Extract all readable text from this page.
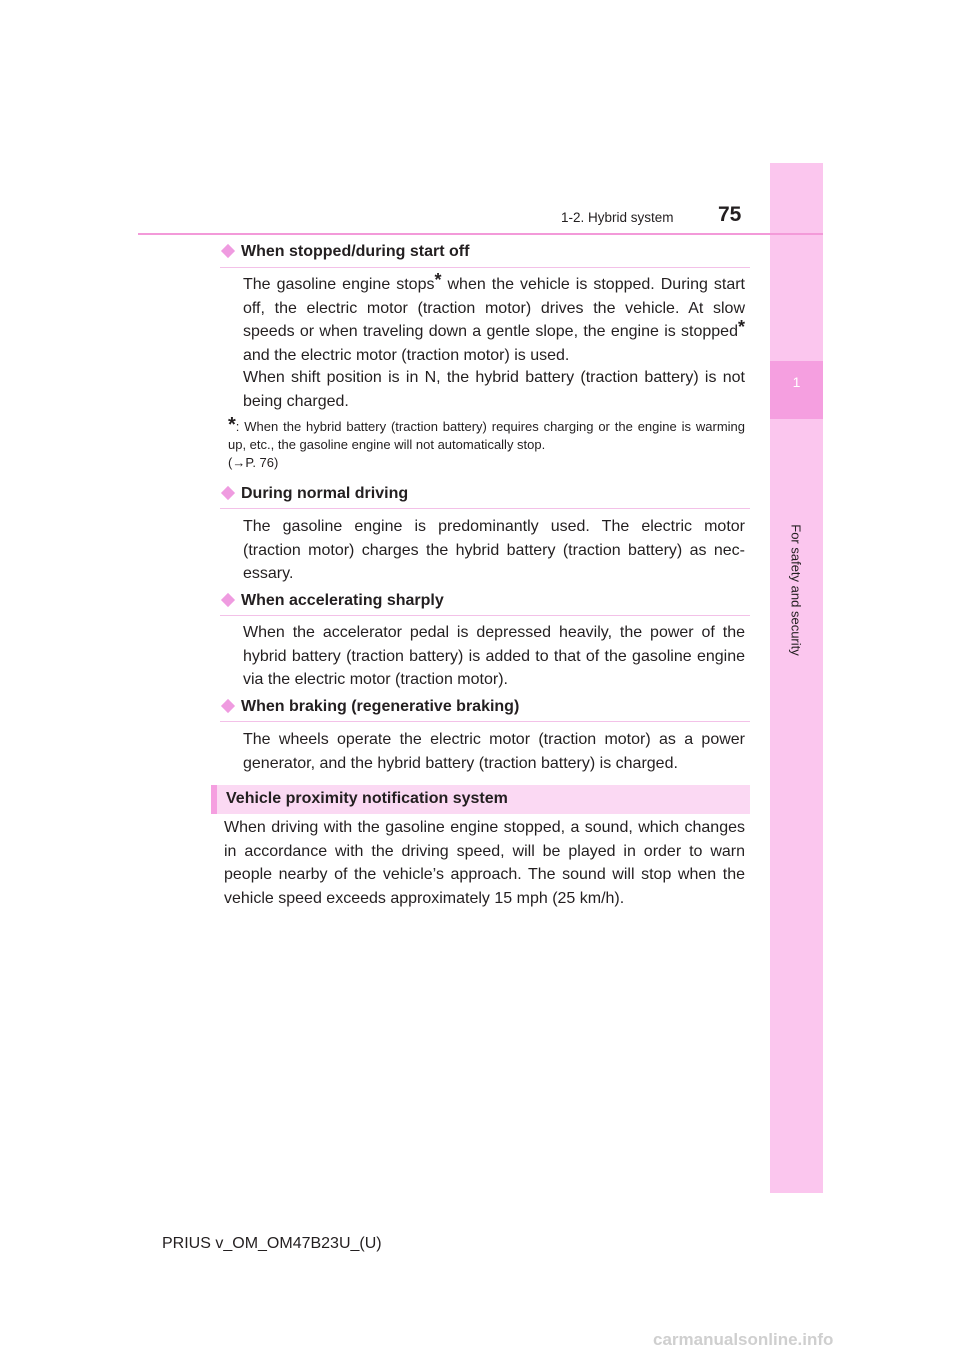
1
For safety and security
1-2. Hybrid system 75
When stopped/during start off
The gasoline engine stops* when the vehicle is stopped. During start off, the electric motor (traction motor) drives the vehicle. At slow speeds or when traveling down a gentle slope, the engine is stopped* and the electric motor (traction motor) is used.
When shift position is in N, the hybrid battery (traction battery) is not being charged.
*: When the hybrid battery (traction battery) requires charging or the engine is warming up, etc., the gasoline engine will not automatically stop.
(→P. 76)
During normal driving
The gasoline engine is predominantly used. The electric motor (traction motor) charges the hybrid battery (traction battery) as nec-essary.
When accelerating sharply
When the accelerator pedal is depressed heavily, the power of the hybrid battery (traction battery) is added to that of the gasoline engine via the electric motor (traction motor).
When braking (regenerative braking)
The wheels operate the electric motor (traction motor) as a power generator, and the hybrid battery (traction battery) is charged.
Vehicle proximity notification system
When driving with the gasoline engine stopped, a sound, which changes in accordance with the driving speed, will be played in order to warn people nearby of the vehicle’s approach. The sound will stop when the vehicle speed exceeds approximately 15 mph (25 km/h).
PRIUS v_OM_OM47B23U_(U)
carmanualsonline.info
